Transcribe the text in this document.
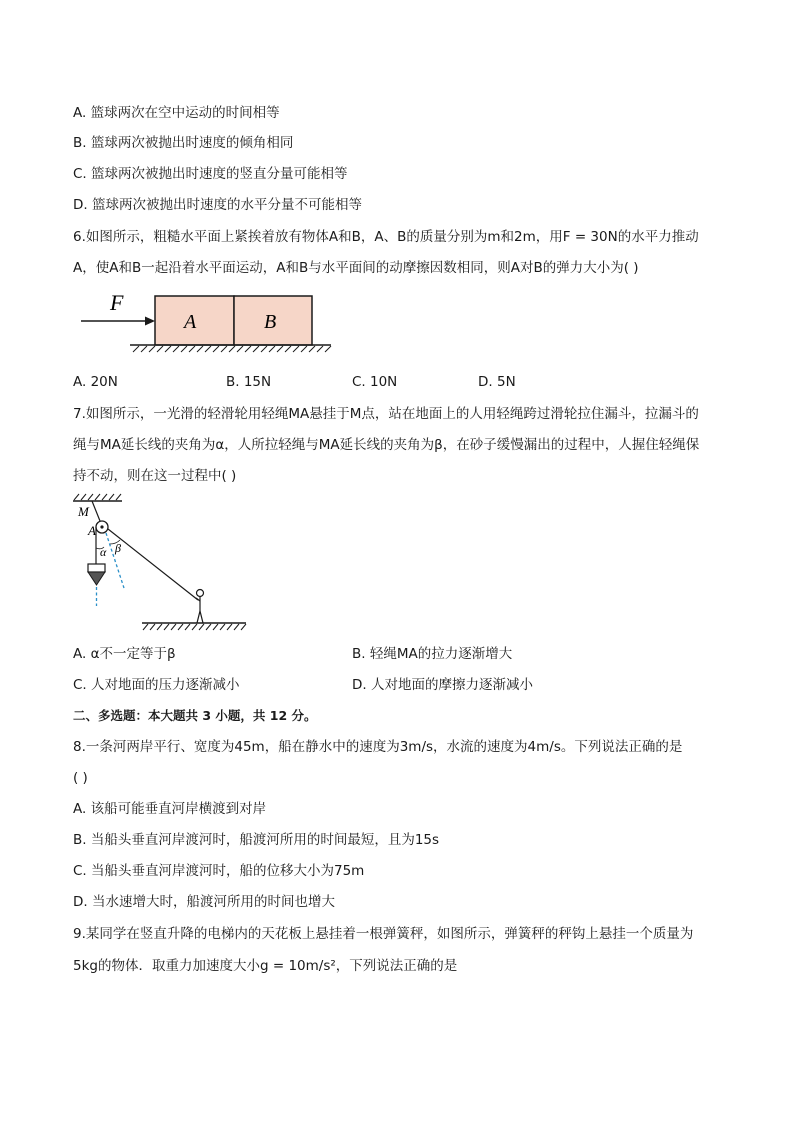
A. 篮球两次在空中运动的时间相等
B. 篮球两次被抛出时速度的倾角相同
C. 篮球两次被抛出时速度的竖直分量可能相等
D. 篮球两次被抛出时速度的水平分量不可能相等
6.如图所示，粗糙水平面上紧挨着放有物体A和B，A、B的质量分别为m和2m，用F = 30N的水平力推动
A，使A和B一起沿着水平面运动，A和B与水平面间的动摩擦因数相同，则A对B的弹力大小为( )
F
A	B
A. 20N	B. 15N	C. 10N	D. 5N
7.如图所示，一光滑的轻滑轮用轻绳MA悬挂于M点，站在地面上的人用轻绳跨过滑轮拉住漏斗，拉漏斗的
绳与MA延长线的夹角为α，人所拉轻绳与MA延长线的夹角为β，在砂子缓慢漏出的过程中，人握住轻绳保
持不动，则在这一过程中( )
M
A
α β
A. α不一定等于β	B. 轻绳MA的拉力逐渐增大
C. 人对地面的压力逐渐减小	D. 人对地面的摩擦力逐渐减小
二、多选题：本大题共 3 小题，共 12 分。
8.一条河两岸平行、宽度为45m，船在静水中的速度为3m/s，水流的速度为4m/s。下列说法正确的是
( )
A. 该船可能垂直河岸横渡到对岸
B. 当船头垂直河岸渡河时，船渡河所用的时间最短，且为15s
C. 当船头垂直河岸渡河时，船的位移大小为75m
D. 当水速增大时，船渡河所用的时间也增大
9.某同学在竖直升降的电梯内的天花板上悬挂着一根弹簧秤，如图所示，弹簧秤的秤钩上悬挂一个质量为
5kg的物体．取重力加速度大小g = 10m/s²，下列说法正确的是
